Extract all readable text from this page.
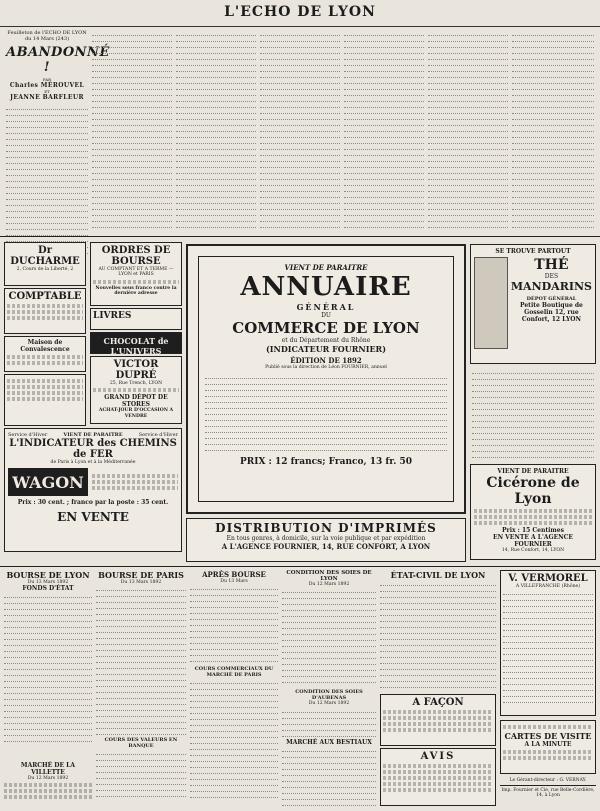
L'ECHO DE LYON
Feuilleton de l'ECHO DE LYON du 14 Mars (243)
ABANDONNÉ !
PAR
Charles MÉROUVEL
ET
JEANNE BARFLEUR
Dr DUCHARME
2, Cours de la Liberté, 2
COMPTABLE
Maison de Convalescence
ORDRES DE BOURSE
AU COMPTANT ET A TERME — LYON et PARIS
Nouvelles sous franco contre la dernière adresse
LIVRES
CHOCOLAT de L'UNIVERS
VICTOR DUPRÉ
25, Rue Trench, LYON
GRAND DÉPOT DE STORES
ACHAT-JOUR D'OCCASION A VENDRE
Service d'Hiver	VIENT DE PARAITRE	Service d'Hiver
L'INDICATEUR des CHEMINS de FER
de Paris à Lyon et à la Méditerranée
WAGON
Prix : 30 cent. ; franco par la poste : 35 cent.
EN VENTE
VIENT DE PARAITRE
ANNUAIRE
GÉNÉRAL
DU
COMMERCE DE LYON
et du Département du Rhône
(INDICATEUR FOURNIER)
ÉDITION DE 1892
Publié sous la direction de Léon FOURNIER, annuel
PRIX : 12 francs; Franco, 13 fr. 50
DISTRIBUTION D'IMPRIMÉS
En tous genres, à domicile, sur la voie publique et par expédition
A L'AGENCE FOURNIER, 14, RUE CONFORT, A LYON
SE TROUVE PARTOUT
THÉ
DES
MANDARINS
DÉPOT GÉNÉRAL
Petite Boutique de Gosselin 12, rue Confort, 12 LYON
VIENT DE PARAITRE
Cicérone de Lyon
Prix : 15 Centimes
EN VENTE A L'AGENCE FOURNIER
14, Rue Confort, 14, LYON
BOURSE DE LYON
Du 13 Mars 1892
FONDS D'ÉTAT
MARCHÉ DE LA VILLETTE
Du 12 Mars 1892
BOURSE DE PARIS
Du 13 Mars 1892
COURS DES VALEURS EN BANQUE
APRÈS BOURSE
Du 13 Mars
COURS COMMERCIAUX DU MARCHÉ DE PARIS
CONDITION DES SOIES DE LYON
Du 12 Mars 1892
CONDITION DES SOIES D'AUBENAS
Du 12 Mars 1892
MARCHÉ AUX BESTIAUX
ÉTAT-CIVIL DE LYON
A FAÇON
AVIS
V. VERMOREL
A VILLEFRANCHE (Rhône)
CARTES DE VISITE
A LA MINUTE
Le Gérant-directeur : G. VERNAY.
Imp. Fournier et Cie, rue Belle-Cordière, 14, à Lyon
